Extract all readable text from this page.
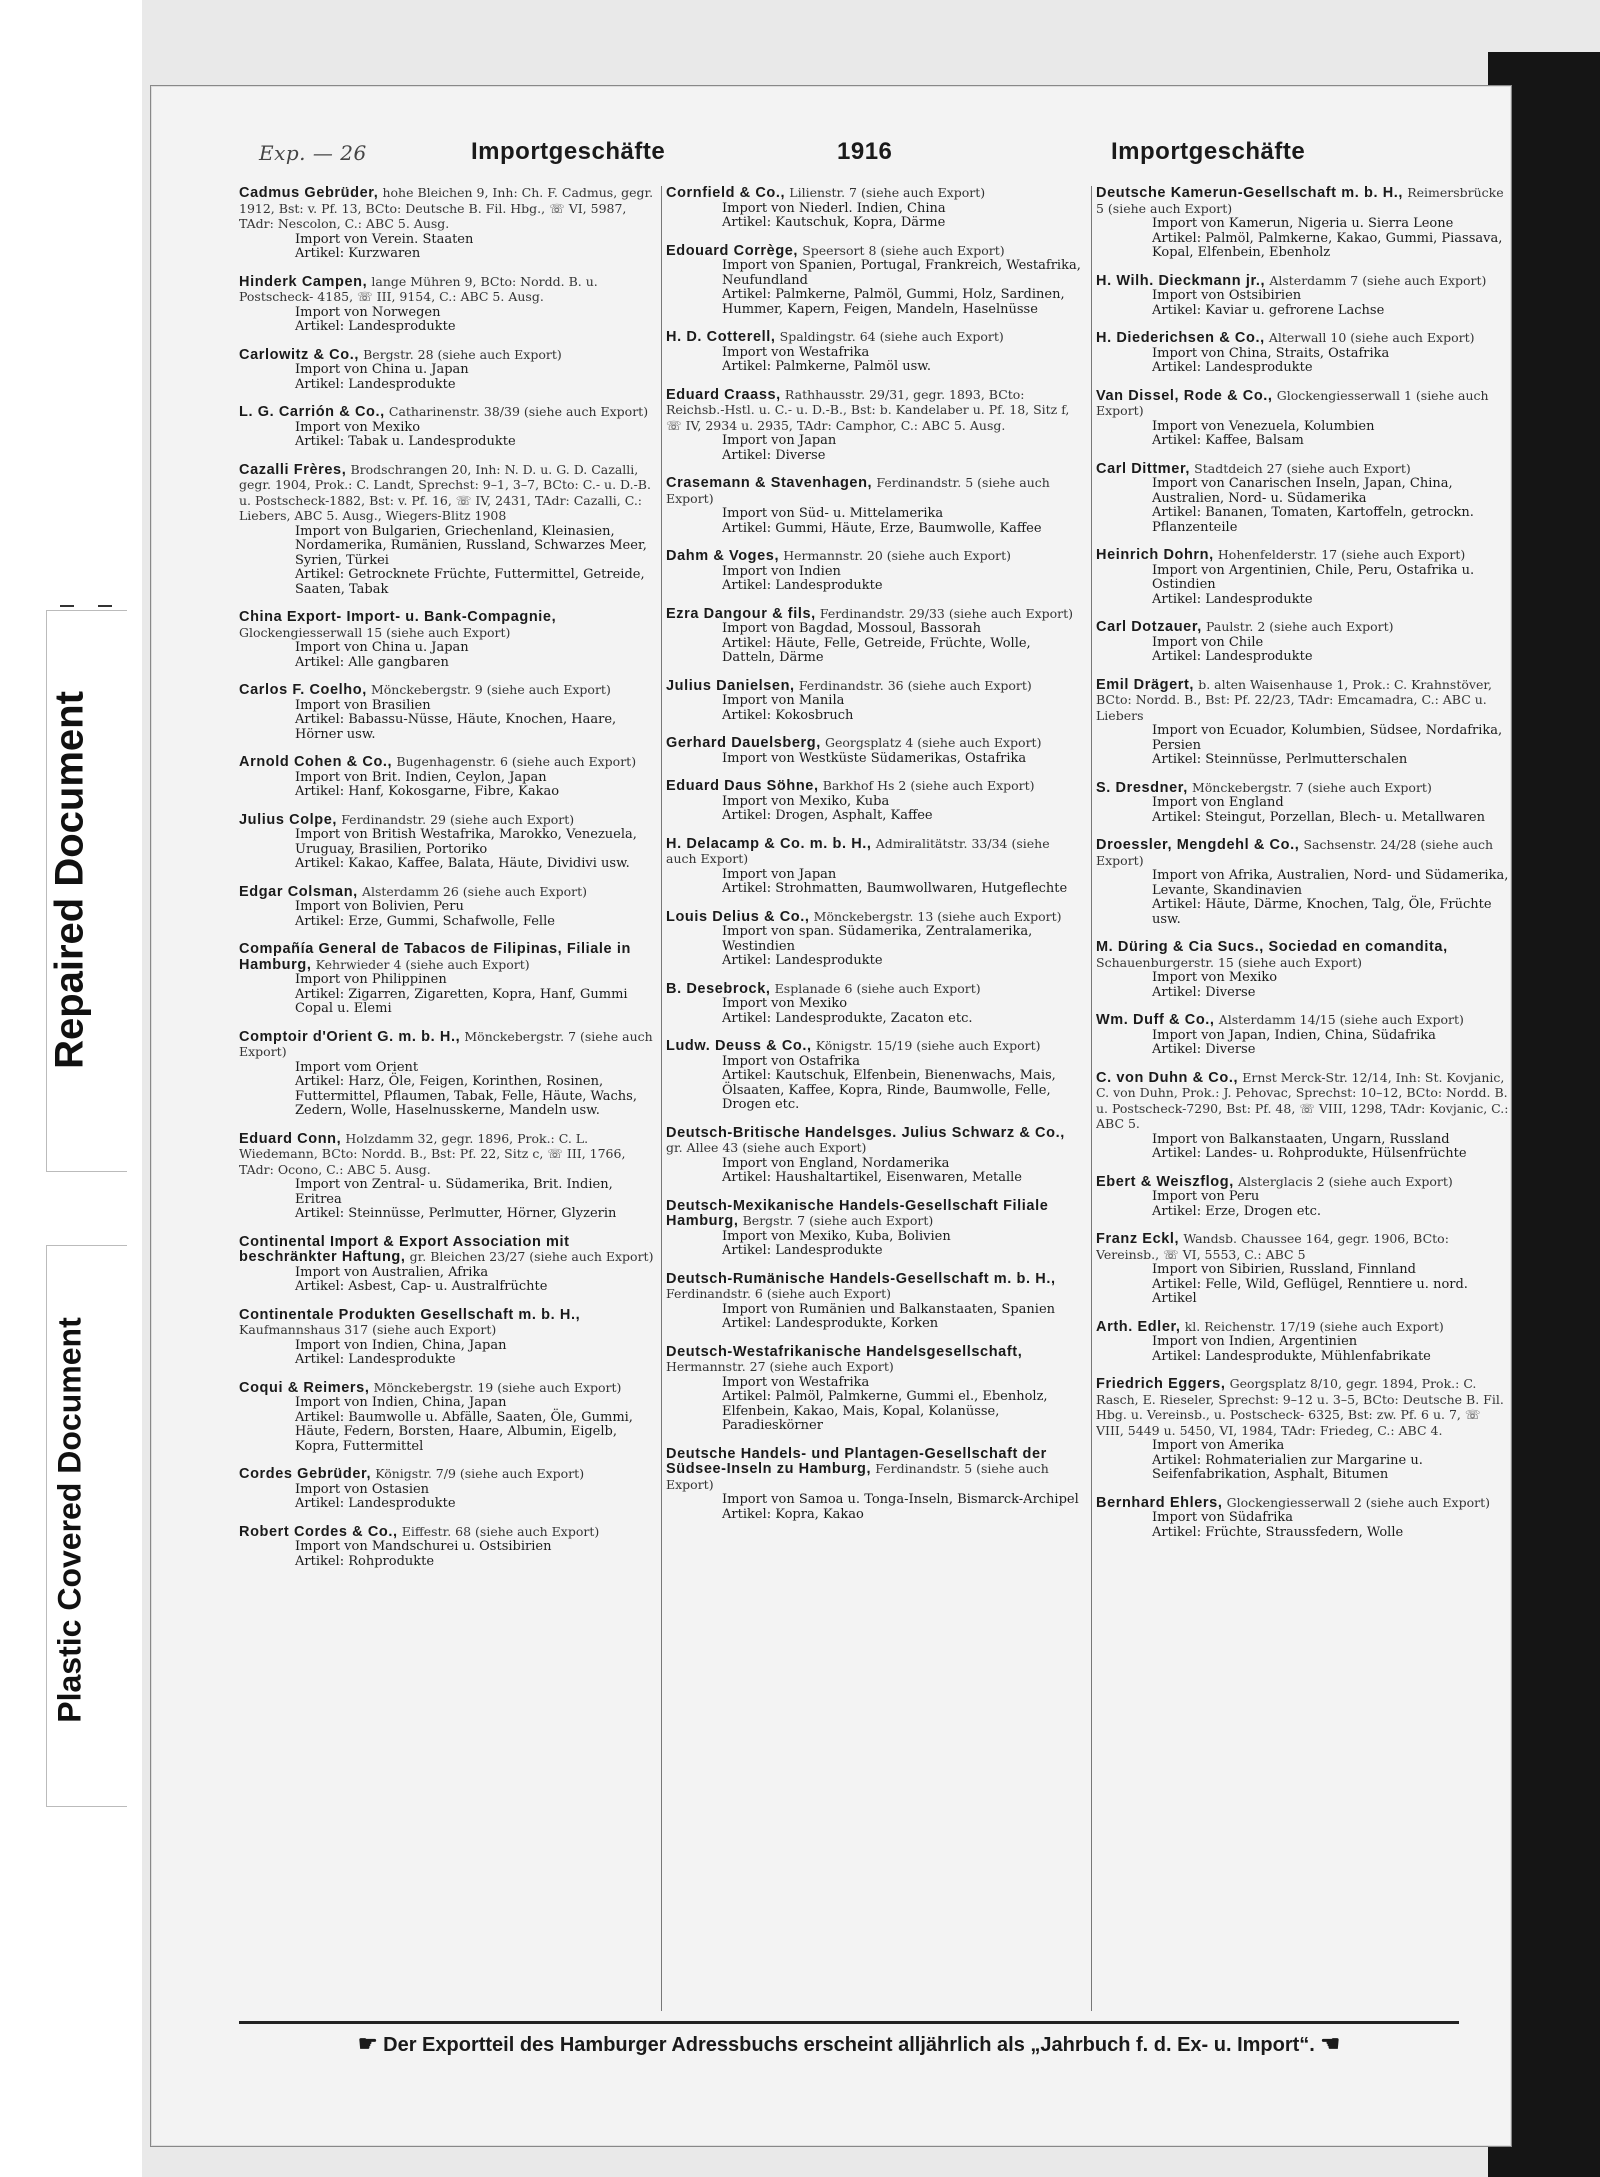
Repaired Document
Plastic Covered Document
Exp. — 26	Importgeschäfte	1916	Importgeschäfte
Cadmus Gebrüder, hohe Bleichen 9, Inh: Ch. F. Cadmus, gegr. 1912, Bst: v. Pf. 13, BCto: Deutsche B. Fil. Hbg., ☏ VI, 5987, TAdr: Nescolon, C.: ABC 5. Ausg.
Import von Verein. Staaten
Artikel: Kurzwaren
Hinderk Campen, lange Mühren 9, BCto: Nordd. B. u. Postscheck- 4185, ☏ III, 9154, C.: ABC 5. Ausg.
Import von Norwegen
Artikel: Landesprodukte
Carlowitz & Co., Bergstr. 28 (siehe auch Export)
Import von China u. Japan
Artikel: Landesprodukte
L. G. Carrión & Co., Catharinenstr. 38/39 (siehe auch Export)
Import von Mexiko
Artikel: Tabak u. Landesprodukte
Cazalli Frères, Brodschrangen 20, Inh: N. D. u. G. D. Cazalli, gegr. 1904, Prok.: C. Landt, Sprechst: 9–1, 3–7, BCto: C.- u. D.-B. u. Postscheck-1882, Bst: v. Pf. 16, ☏ IV, 2431, TAdr: Cazalli, C.: Liebers, ABC 5. Ausg., Wiegers-Blitz 1908
Import von Bulgarien, Griechenland, Kleinasien, Nordamerika, Rumänien, Russland, Schwarzes Meer, Syrien, Türkei
Artikel: Getrocknete Früchte, Futtermittel, Getreide, Saaten, Tabak
China Export- Import- u. Bank-Compagnie, Glockengiesserwall 15 (siehe auch Export)
Import von China u. Japan
Artikel: Alle gangbaren
Carlos F. Coelho, Mönckebergstr. 9 (siehe auch Export)
Import von Brasilien
Artikel: Babassu-Nüsse, Häute, Knochen, Haare, Hörner usw.
Arnold Cohen & Co., Bugenhagenstr. 6 (siehe auch Export)
Import von Brit. Indien, Ceylon, Japan
Artikel: Hanf, Kokosgarne, Fibre, Kakao
Julius Colpe, Ferdinandstr. 29 (siehe auch Export)
Import von British Westafrika, Marokko, Venezuela, Uruguay, Brasilien, Portoriko
Artikel: Kakao, Kaffee, Balata, Häute, Dividivi usw.
Edgar Colsman, Alsterdamm 26 (siehe auch Export)
Import von Bolivien, Peru
Artikel: Erze, Gummi, Schafwolle, Felle
Compañía General de Tabacos de Filipinas, Filiale in Hamburg, Kehrwieder 4 (siehe auch Export)
Import von Philippinen
Artikel: Zigarren, Zigaretten, Kopra, Hanf, Gummi Copal u. Elemi
Comptoir d'Orient G. m. b. H., Mönckebergstr. 7 (siehe auch Export)
Import vom Orient
Artikel: Harz, Öle, Feigen, Korinthen, Rosinen, Futtermittel, Pflaumen, Tabak, Felle, Häute, Wachs, Zedern, Wolle, Haselnusskerne, Mandeln usw.
Eduard Conn, Holzdamm 32, gegr. 1896, Prok.: C. L. Wiedemann, BCto: Nordd. B., Bst: Pf. 22, Sitz c, ☏ III, 1766, TAdr: Ocono, C.: ABC 5. Ausg.
Import von Zentral- u. Südamerika, Brit. Indien, Eritrea
Artikel: Steinnüsse, Perlmutter, Hörner, Glyzerin
Continental Import & Export Association mit beschränkter Haftung, gr. Bleichen 23/27 (siehe auch Export)
Import von Australien, Afrika
Artikel: Asbest, Cap- u. Australfrüchte
Continentale Produkten Gesellschaft m. b. H., Kaufmannshaus 317 (siehe auch Export)
Import von Indien, China, Japan
Artikel: Landesprodukte
Coqui & Reimers, Mönckebergstr. 19 (siehe auch Export)
Import von Indien, China, Japan
Artikel: Baumwolle u. Abfälle, Saaten, Öle, Gummi, Häute, Federn, Borsten, Haare, Albumin, Eigelb, Kopra, Futtermittel
Cordes Gebrüder, Königstr. 7/9 (siehe auch Export)
Import von Ostasien
Artikel: Landesprodukte
Robert Cordes & Co., Eiffestr. 68 (siehe auch Export)
Import von Mandschurei u. Ostsibirien
Artikel: Rohprodukte
Cornfield & Co., Lilienstr. 7 (siehe auch Export)
Import von Niederl. Indien, China
Artikel: Kautschuk, Kopra, Därme
Edouard Corrège, Speersort 8 (siehe auch Export)
Import von Spanien, Portugal, Frankreich, Westafrika, Neufundland
Artikel: Palmkerne, Palmöl, Gummi, Holz, Sardinen, Hummer, Kapern, Feigen, Mandeln, Haselnüsse
H. D. Cotterell, Spaldingstr. 64 (siehe auch Export)
Import von Westafrika
Artikel: Palmkerne, Palmöl usw.
Eduard Craass, Rathhausstr. 29/31, gegr. 1893, BCto: Reichsb.-Hstl. u. C.- u. D.-B., Bst: b. Kandelaber u. Pf. 18, Sitz f, ☏ IV, 2934 u. 2935, TAdr: Camphor, C.: ABC 5. Ausg.
Import von Japan
Artikel: Diverse
Crasemann & Stavenhagen, Ferdinandstr. 5 (siehe auch Export)
Import von Süd- u. Mittelamerika
Artikel: Gummi, Häute, Erze, Baumwolle, Kaffee
Dahm & Voges, Hermannstr. 20 (siehe auch Export)
Import von Indien
Artikel: Landesprodukte
Ezra Dangour & fils, Ferdinandstr. 29/33 (siehe auch Export)
Import von Bagdad, Mossoul, Bassorah
Artikel: Häute, Felle, Getreide, Früchte, Wolle, Datteln, Därme
Julius Danielsen, Ferdinandstr. 36 (siehe auch Export)
Import von Manila
Artikel: Kokosbruch
Gerhard Dauelsberg, Georgsplatz 4 (siehe auch Export)
Import von Westküste Südamerikas, Ostafrika
Eduard Daus Söhne, Barkhof Hs 2 (siehe auch Export)
Import von Mexiko, Kuba
Artikel: Drogen, Asphalt, Kaffee
H. Delacamp & Co. m. b. H., Admiralitätstr. 33/34 (siehe auch Export)
Import von Japan
Artikel: Strohmatten, Baumwollwaren, Hutgeflechte
Louis Delius & Co., Mönckebergstr. 13 (siehe auch Export)
Import von span. Südamerika, Zentralamerika, Westindien
Artikel: Landesprodukte
B. Desebrock, Esplanade 6 (siehe auch Export)
Import von Mexiko
Artikel: Landesprodukte, Zacaton etc.
Ludw. Deuss & Co., Königstr. 15/19 (siehe auch Export)
Import von Ostafrika
Artikel: Kautschuk, Elfenbein, Bienenwachs, Mais, Ölsaaten, Kaffee, Kopra, Rinde, Baumwolle, Felle, Drogen etc.
Deutsch-Britische Handelsges. Julius Schwarz & Co., gr. Allee 43 (siehe auch Export)
Import von England, Nordamerika
Artikel: Haushaltartikel, Eisenwaren, Metalle
Deutsch-Mexikanische Handels-Gesellschaft Filiale Hamburg, Bergstr. 7 (siehe auch Export)
Import von Mexiko, Kuba, Bolivien
Artikel: Landesprodukte
Deutsch-Rumänische Handels-Gesellschaft m. b. H., Ferdinandstr. 6 (siehe auch Export)
Import von Rumänien und Balkanstaaten, Spanien
Artikel: Landesprodukte, Korken
Deutsch-Westafrikanische Handelsgesellschaft, Hermannstr. 27 (siehe auch Export)
Import von Westafrika
Artikel: Palmöl, Palmkerne, Gummi el., Ebenholz, Elfenbein, Kakao, Mais, Kopal, Kolanüsse, Paradieskörner
Deutsche Handels- und Plantagen-Gesellschaft der Südsee-Inseln zu Hamburg, Ferdinandstr. 5 (siehe auch Export)
Import von Samoa u. Tonga-Inseln, Bismarck-Archipel
Artikel: Kopra, Kakao
Deutsche Kamerun-Gesellschaft m. b. H., Reimersbrücke 5 (siehe auch Export)
Import von Kamerun, Nigeria u. Sierra Leone
Artikel: Palmöl, Palmkerne, Kakao, Gummi, Piassava, Kopal, Elfenbein, Ebenholz
H. Wilh. Dieckmann jr., Alsterdamm 7 (siehe auch Export)
Import von Ostsibirien
Artikel: Kaviar u. gefrorene Lachse
H. Diederichsen & Co., Alterwall 10 (siehe auch Export)
Import von China, Straits, Ostafrika
Artikel: Landesprodukte
Van Dissel, Rode & Co., Glockengiesserwall 1 (siehe auch Export)
Import von Venezuela, Kolumbien
Artikel: Kaffee, Balsam
Carl Dittmer, Stadtdeich 27 (siehe auch Export)
Import von Canarischen Inseln, Japan, China, Australien, Nord- u. Südamerika
Artikel: Bananen, Tomaten, Kartoffeln, getrockn. Pflanzenteile
Heinrich Dohrn, Hohenfelderstr. 17 (siehe auch Export)
Import von Argentinien, Chile, Peru, Ostafrika u. Ostindien
Artikel: Landesprodukte
Carl Dotzauer, Paulstr. 2 (siehe auch Export)
Import von Chile
Artikel: Landesprodukte
Emil Drägert, b. alten Waisenhause 1, Prok.: C. Krahnstöver, BCto: Nordd. B., Bst: Pf. 22/23, TAdr: Emcamadra, C.: ABC u. Liebers
Import von Ecuador, Kolumbien, Südsee, Nordafrika, Persien
Artikel: Steinnüsse, Perlmutterschalen
S. Dresdner, Mönckebergstr. 7 (siehe auch Export)
Import von England
Artikel: Steingut, Porzellan, Blech- u. Metallwaren
Droessler, Mengdehl & Co., Sachsenstr. 24/28 (siehe auch Export)
Import von Afrika, Australien, Nord- und Südamerika, Levante, Skandinavien
Artikel: Häute, Därme, Knochen, Talg, Öle, Früchte usw.
M. Düring & Cia Sucs., Sociedad en comandita, Schauenburgerstr. 15 (siehe auch Export)
Import von Mexiko
Artikel: Diverse
Wm. Duff & Co., Alsterdamm 14/15 (siehe auch Export)
Import von Japan, Indien, China, Südafrika
Artikel: Diverse
C. von Duhn & Co., Ernst Merck-Str. 12/14, Inh: St. Kovjanic, C. von Duhn, Prok.: J. Pehovac, Sprechst: 10–12, BCto: Nordd. B. u. Postscheck-7290, Bst: Pf. 48, ☏ VIII, 1298, TAdr: Kovjanic, C.: ABC 5.
Import von Balkanstaaten, Ungarn, Russland
Artikel: Landes- u. Rohprodukte, Hülsenfrüchte
Ebert & Weiszflog, Alsterglacis 2 (siehe auch Export)
Import von Peru
Artikel: Erze, Drogen etc.
Franz Eckl, Wandsb. Chaussee 164, gegr. 1906, BCto: Vereinsb., ☏ VI, 5553, C.: ABC 5
Import von Sibirien, Russland, Finnland
Artikel: Felle, Wild, Geflügel, Renntiere u. nord. Artikel
Arth. Edler, kl. Reichenstr. 17/19 (siehe auch Export)
Import von Indien, Argentinien
Artikel: Landesprodukte, Mühlenfabrikate
Friedrich Eggers, Georgsplatz 8/10, gegr. 1894, Prok.: C. Rasch, E. Rieseler, Sprechst: 9–12 u. 3–5, BCto: Deutsche B. Fil. Hbg. u. Vereinsb., u. Postscheck- 6325, Bst: zw. Pf. 6 u. 7, ☏ VIII, 5449 u. 5450, VI, 1984, TAdr: Friedeg, C.: ABC 4.
Import von Amerika
Artikel: Rohmaterialien zur Margarine u. Seifenfabrikation, Asphalt, Bitumen
Bernhard Ehlers, Glockengiesserwall 2 (siehe auch Export)
Import von Südafrika
Artikel: Früchte, Straussfedern, Wolle
☛ Der Exportteil des Hamburger Adressbuchs erscheint alljährlich als „Jahrbuch f. d. Ex- u. Import“. ☚
